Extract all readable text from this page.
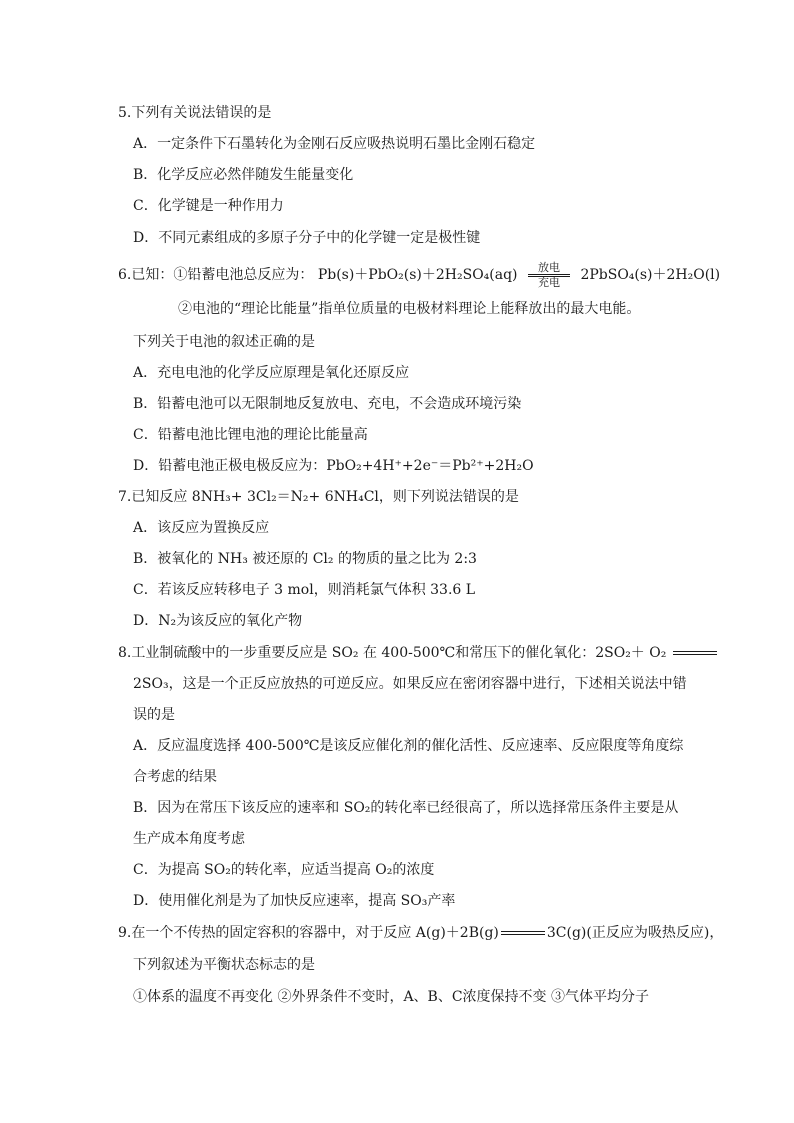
5.下列有关说法错误的是
A．一定条件下石墨转化为金刚石反应吸热说明石墨比金刚石稳定
B．化学反应必然伴随发生能量变化
C．化学键是一种作用力
D．不同元素组成的多原子分子中的化学键一定是极性键
6.已知：①铅蓄电池总反应为： Pb(s)＋PbO₂(s)＋2H₂SO₄(aq)	放电
充电	2PbSO₄(s)＋2H₂O(l)
②电池的“理论比能量”指单位质量的电极材料理论上能释放出的最大电能。
下列关于电池的叙述正确的是
A．充电电池的化学反应原理是氧化还原反应
B．铅蓄电池可以无限制地反复放电、充电，不会造成环境污染
C．铅蓄电池比锂电池的理论比能量高
D．铅蓄电池正极电极反应为：PbO₂+4H⁺+2e⁻＝Pb²⁺+2H₂O
7.已知反应 8NH₃+ 3Cl₂＝N₂+ 6NH₄Cl，则下列说法错误的是
A．该反应为置换反应
B．被氧化的 NH₃ 被还原的 Cl₂ 的物质的量之比为 2:3
C．若该反应转移电子 3 mol，则消耗氯气体积 33.6 L
D．N₂为该反应的氧化产物
8.工业制硫酸中的一步重要反应是 SO₂ 在 400-500℃和常压下的催化氧化：2SO₂＋ O₂
2SO₃，这是一个正反应放热的可逆反应。如果反应在密闭容器中进行，下述相关说法中错
误的是
A．反应温度选择 400-500℃是该反应催化剂的催化活性、反应速率、反应限度等角度综
合考虑的结果
B．因为在常压下该反应的速率和 SO₂的转化率已经很高了，所以选择常压条件主要是从
生产成本角度考虑
C．为提高 SO₂的转化率，应适当提高 O₂的浓度
D．使用催化剂是为了加快反应速率，提高 SO₃产率
9.在一个不传热的固定容积的容器中，对于反应 A(g)＋2B(g)	3C(g)(正反应为吸热反应)，
下列叙述为平衡状态标志的是
①体系的温度不再变化 ②外界条件不变时，A、B、C浓度保持不变 ③气体平均分子
